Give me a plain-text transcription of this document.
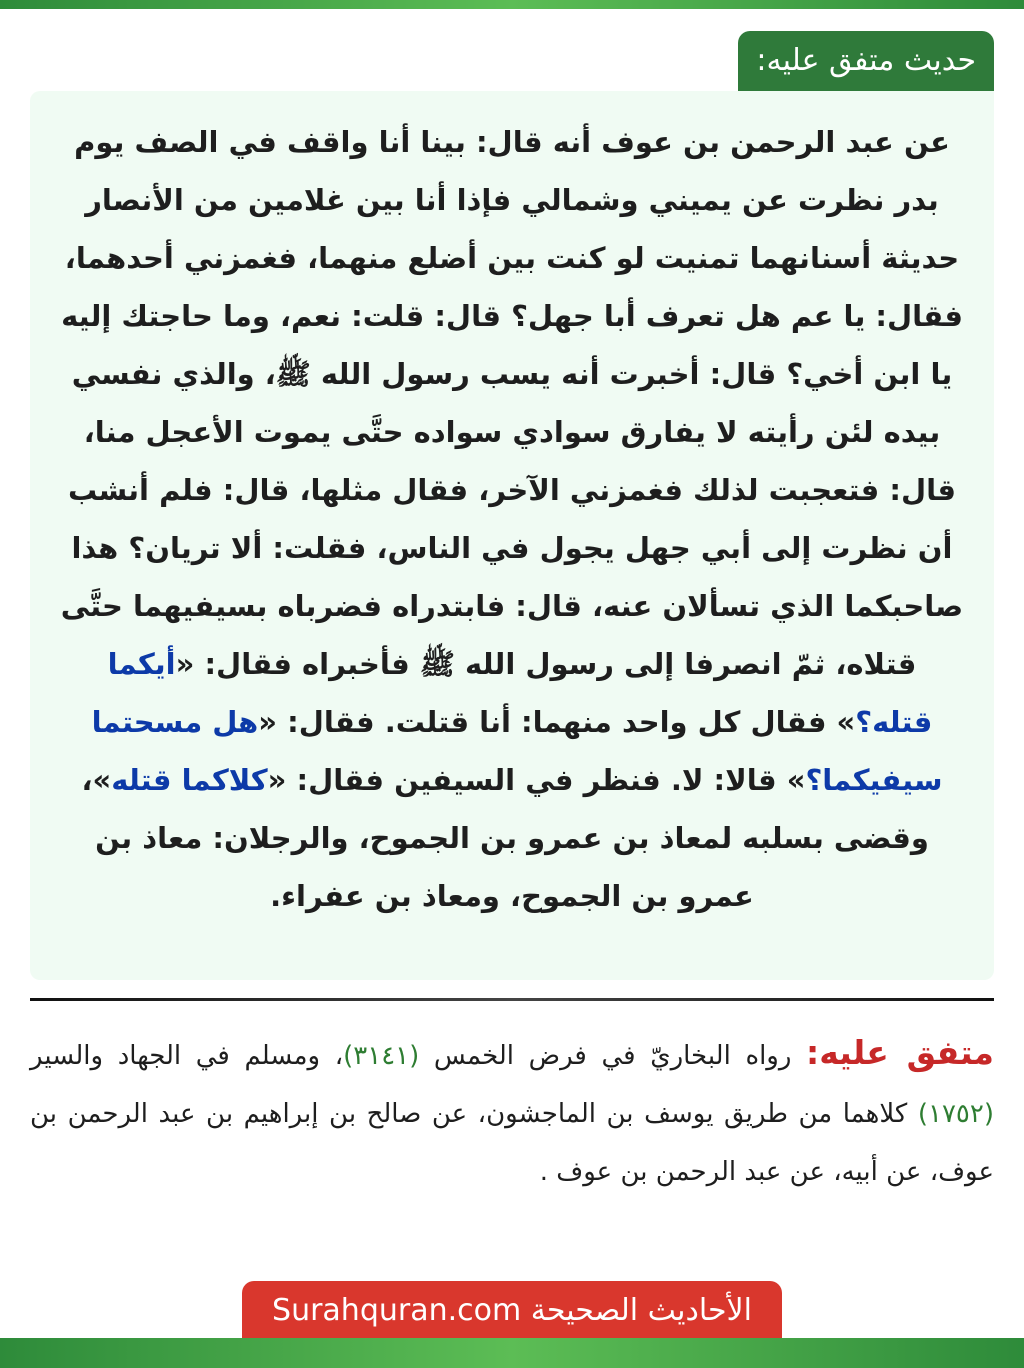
حديث متفق عليه:

عن عبد الرحمن بن عوف أنه قال: بينا أنا واقف في الصف يوم بدر نظرت عن يميني وشمالي فإذا أنا بين غلامين من الأنصار حديثة أسنانهما تمنيت لو كنت بين أضلع منهما، فغمزني أحدهما، فقال: يا عم هل تعرف أبا جهل؟ قال: قلت: نعم، وما حاجتك إليه يا ابن أخي؟ قال: أخبرت أنه يسب رسول الله ﷺ، والذي نفسي بيده لئن رأيته لا يفارق سوادي سواده حتَّى يموت الأعجل منا، قال: فتعجبت لذلك فغمزني الآخر، فقال مثلها، قال: فلم أنشب أن نظرت إلى أبي جهل يجول في الناس، فقلت: ألا تريان؟ هذا صاحبكما الذي تسألان عنه، قال: فابتدراه فضرباه بسيفيهما حتَّى قتلاه، ثمّ انصرفا إلى رسول الله ﷺ فأخبراه فقال: «أيكما قتله؟» فقال كل واحد منهما: أنا قتلت. فقال: «هل مسحتما سيفيكما؟» قالا: لا. فنظر في السيفين فقال: «كلاكما قتله»، وقضى بسلبه لمعاذ بن عمرو بن الجموح، والرجلان: معاذ بن عمرو بن الجموح، ومعاذ بن عفراء.

متفق عليه: رواه البخاريّ في فرض الخمس (٣١٤١)، ومسلم في الجهاد والسير (١٧٥٢) كلاهما من طريق يوسف بن الماجشون، عن صالح بن إبراهيم بن عبد الرحمن بن عوف، عن أبيه، عن عبد الرحمن بن عوف .

الأحاديث الصحيحة Surahquran.com
